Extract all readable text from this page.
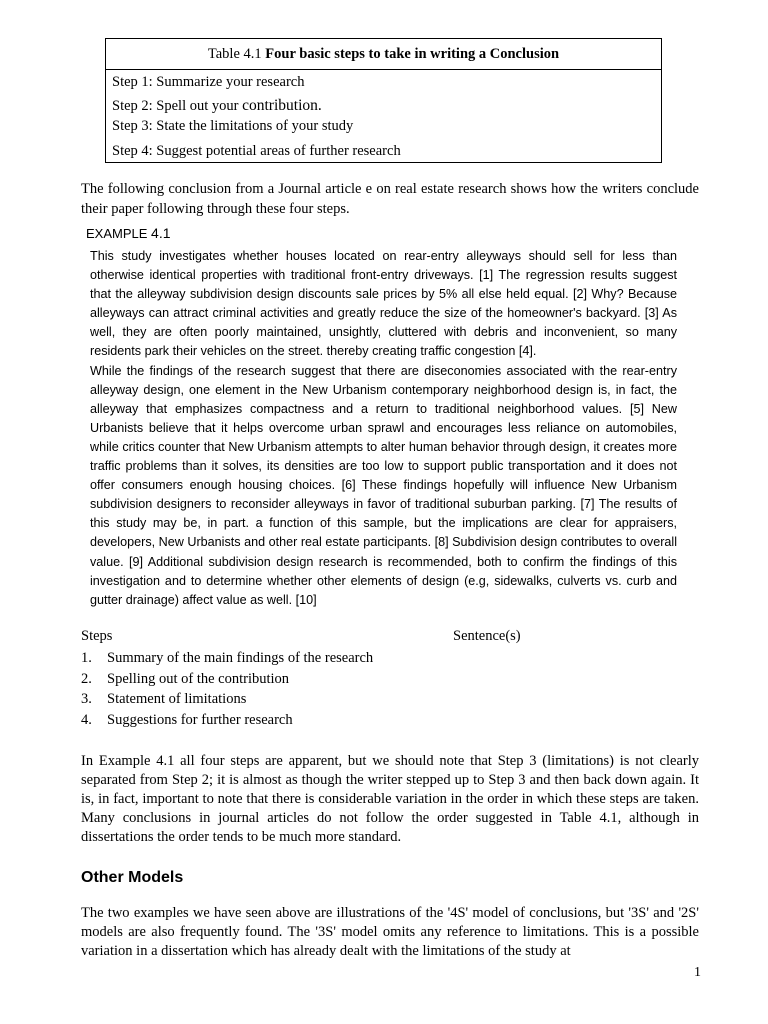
Table 4.1 Four basic steps to take in writing a Conclusion
Step 1: Summarize your research
Step 2: Spell out your contribution.
Step 3: State the limitations of your study
Step 4: Suggest potential areas of further research
The following conclusion from a Journal article e on real estate research shows how the writers conclude their paper following through these four steps.
EXAMPLE 4.1

This study investigates whether houses located on rear-entry alleyways should sell for less than otherwise identical properties with traditional front-entry driveways. [1] The regression results suggest that the alleyway subdivision design discounts sale prices by 5% all else held equal. [2] Why? Because alleyways can attract criminal activities and greatly reduce the size of the homeowner's backyard. [3] As well, they are often poorly maintained, unsightly, cluttered with debris and inconvenient, so many residents park their vehicles on the street. thereby creating traffic congestion [4].

While the findings of the research suggest that there are diseconomies associated with the rear-entry alleyway design, one element in the New Urbanism contemporary neighborhood design is, in fact, the alleyway that emphasizes compactness and a return to traditional neighborhood values. [5] New Urbanists believe that it helps overcome urban sprawl and encourages less reliance on automobiles, while critics counter that New Urbanism attempts to alter human behavior through design, it creates more traffic problems than it solves, its densities are too low to support public transportation and it does not offer consumers enough housing choices. [6] These findings hopefully will influence New Urbanism subdivision designers to reconsider alleyways in favor of traditional suburban parking. [7] The results of this study may be, in part. a function of this sample, but the implications are clear for appraisers, developers, New Urbanists and other real estate participants. [8] Subdivision design contributes to overall value. [9] Additional subdivision design research is recommended, both to confirm the findings of this investigation and to determine whether other elements of design (e.g, sidewalks, culverts vs. curb and gutter drainage) affect value as well. [10]

Steps	Sentence(s)
1.	Summary of the main findings of the research
2.	Spelling out of the contribution
3.	Statement of limitations
4.	Suggestions for further research
In Example 4.1 all four steps are apparent, but we should note that Step 3 (limitations) is not clearly separated from Step 2; it is almost as though the writer stepped up to Step 3 and then back down again. It is, in fact, important to note that there is considerable variation in the order in which these steps are taken. Many conclusions in journal articles do not follow the order suggested in Table 4.1, although in dissertations the order tends to be much more standard.
Other Models
The two examples we have seen above are illustrations of the '4S' model of conclusions, but '3S' and '2S' models are also frequently found. The '3S' model omits any reference to limitations. This is a possible variation in a dissertation which has already dealt with the limitations of the study at
1
